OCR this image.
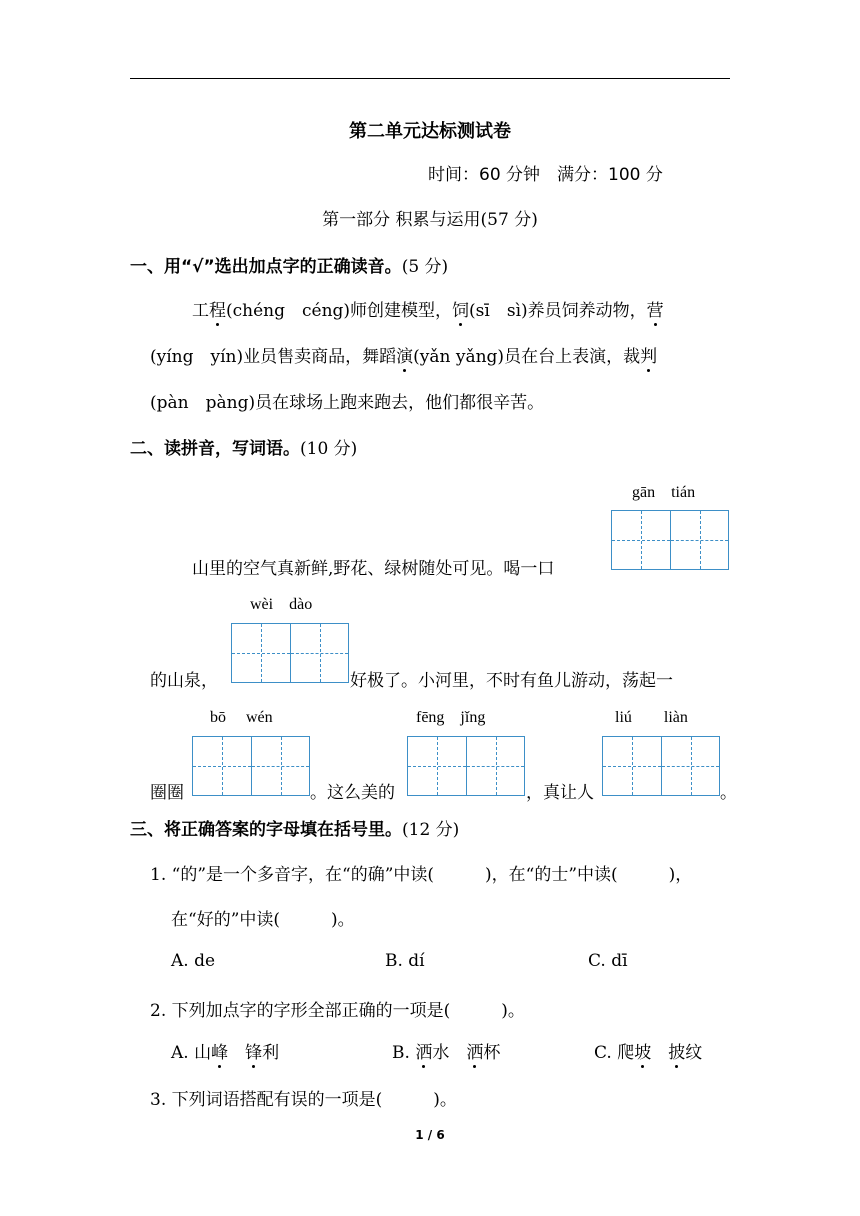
第二单元达标测试卷
时间：60 分钟　满分：100 分
第一部分 积累与运用(57 分)
一、用“√”选出加点字的正确读音。(5 分)
工程(chéng　céng)师创建模型，饲(sī　sì)养员饲养动物，营
(yíng　yín)业员售卖商品，舞蹈演(yǎn yǎng)员在台上表演，裁判
(pàn　pàng)员在球场上跑来跑去，他们都很辛苦。
二、读拼音，写词语。(10 分)
gān　tián
山里的空气真新鲜,野花、绿树随处可见。喝一口
wèi　dào
的山泉，	好极了。小河里，不时有鱼儿游动，荡起一
bō　 wén	fēng　jǐng	liú　　liàn
圈圈	。这么美的	，真让人	。
三、将正确答案的字母填在括号里。(12 分)
1. “的”是一个多音字，在“的确”中读(　　　)，在“的士”中读(　　　)，
在“好的”中读(　　　)。
A. de	B. dí	C. dī
2. 下列加点字的字形全部正确的一项是(　　　)。
A. 山峰　 锋利	B. 洒水　 洒杯	C. 爬坡　 披纹
3. 下列词语搭配有误的一项是(　　　)。
1 / 6
